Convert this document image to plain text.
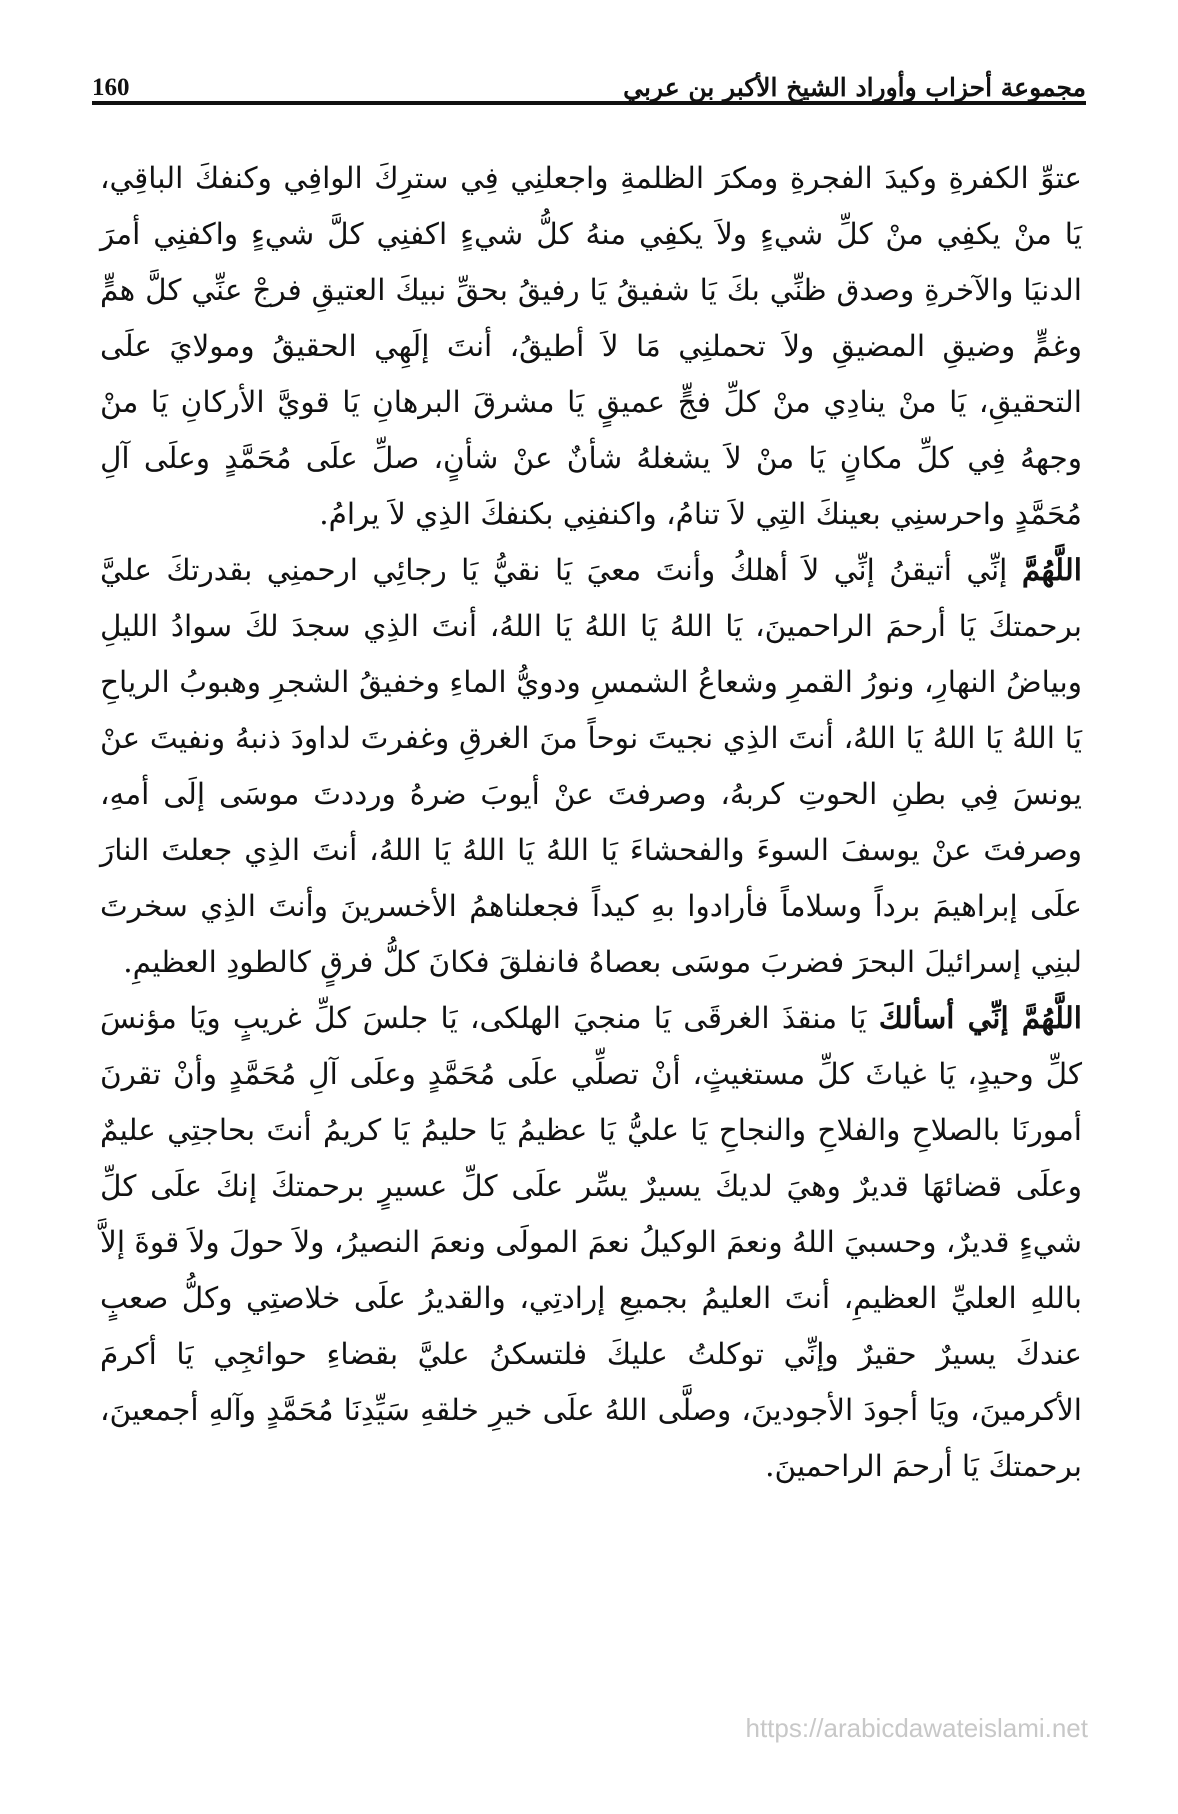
مجموعة أحزاب وأوراد الشيخ الأكبر بن عربي
160

عتوِّ الكفرةِ وكيدَ الفجرةِ ومكرَ الظلمةِ واجعلنِي فِي سترِكَ الوافِي وكنفكَ الباقِي، يَا منْ يكفِي منْ كلِّ شيءٍ ولاَ يكفِي منهُ كلُّ شيءٍ اكفنِي كلَّ شيءٍ واكفنِي أمرَ الدنيَا والآخرةِ وصدق ظنِّي بكَ يَا شفيقُ يَا رفيقُ بحقِّ نبيكَ العتيقِ فرجْ عنِّي كلَّ همٍّ وغمٍّ وضيقِ المضيقِ ولاَ تحملنِي مَا لاَ أطيقُ، أنتَ إلَهِي الحقيقُ ومولايَ علَى التحقيقِ، يَا منْ ينادِي منْ كلِّ فجٍّ عميقٍ يَا مشرقَ البرهانِ يَا قويَّ الأركانِ يَا منْ وجههُ فِي كلِّ مكانٍ يَا منْ لاَ يشغلهُ شأنٌ عنْ شأنٍ، صلِّ علَى مُحَمَّدٍ وعلَى آلِ مُحَمَّدٍ واحرسنِي بعينكَ التِي لاَ تنامُ، واكنفنِي بكنفكَ الذِي لاَ يرامُ.

اللَّهُمَّ إنِّي أتيقنُ إنِّي لاَ أهلكُ وأنتَ معيَ يَا نقيُّ يَا رجائِي ارحمنِي بقدرتكَ عليَّ برحمتكَ يَا أرحمَ الراحمينَ، يَا اللهُ يَا اللهُ يَا اللهُ، أنتَ الذِي سجدَ لكَ سوادُ الليلِ وبياضُ النهارِ، ونورُ القمرِ وشعاعُ الشمسِ ودويُّ الماءِ وخفيقُ الشجرِ وهبوبُ الرياحِ يَا اللهُ يَا اللهُ يَا اللهُ، أنتَ الذِي نجيتَ نوحاً منَ الغرقِ وغفرتَ لداودَ ذنبهُ ونفيتَ عنْ يونسَ فِي بطنِ الحوتِ كربهُ، وصرفتَ عنْ أيوبَ ضرهُ ورددتَ موسَى إلَى أمهِ، وصرفتَ عنْ يوسفَ السوءَ والفحشاءَ يَا اللهُ يَا اللهُ يَا اللهُ، أنتَ الذِي جعلتَ النارَ علَى إبراهيمَ برداً وسلاماً فأرادوا بهِ كيداً فجعلناهمُ الأخسرينَ وأنتَ الذِي سخرتَ لبنِي إسرائيلَ البحرَ فضربَ موسَى بعصاهُ فانفلقَ فكانَ كلُّ فرقٍ كالطودِ العظيمِ.

اللَّهُمَّ إنِّي أسألكَ يَا منقذَ الغرقَى يَا منجيَ الهلكى، يَا جلسَ كلِّ غريبٍ ويَا مؤنسَ كلِّ وحيدٍ، يَا غياثَ كلِّ مستغيثٍ، أنْ تصلِّي علَى مُحَمَّدٍ وعلَى آلِ مُحَمَّدٍ وأنْ تقرنَ أمورنَا بالصلاحِ والفلاحِ والنجاحِ يَا عليُّ يَا عظيمُ يَا حليمُ يَا كريمُ أنتَ بحاجتِي عليمٌ وعلَى قضائهَا قديرٌ وهيَ لديكَ يسيرٌ يسِّر علَى كلِّ عسيرٍ برحمتكَ إنكَ علَى كلِّ شيءٍ قديرٌ، وحسبيَ اللهُ ونعمَ الوكيلُ نعمَ المولَى ونعمَ النصيرُ، ولاَ حولَ ولاَ قوةَ إلاَّ باللهِ العليِّ العظيمِ، أنتَ العليمُ بجميعِ إرادتِي، والقديرُ علَى خلاصتِي وكلُّ صعبٍ عندكَ يسيرٌ حقيرٌ وإنِّي توكلتُ عليكَ فلتسكنُ عليَّ بقضاءِ حوائجِي يَا أكرمَ الأكرمينَ، ويَا أجودَ الأجودينَ، وصلَّى اللهُ علَى خيرِ خلقهِ سَيِّدِنَا مُحَمَّدٍ وآلهِ أجمعينَ، برحمتكَ يَا أرحمَ الراحمينَ.

https://arabicdawateislami.net
